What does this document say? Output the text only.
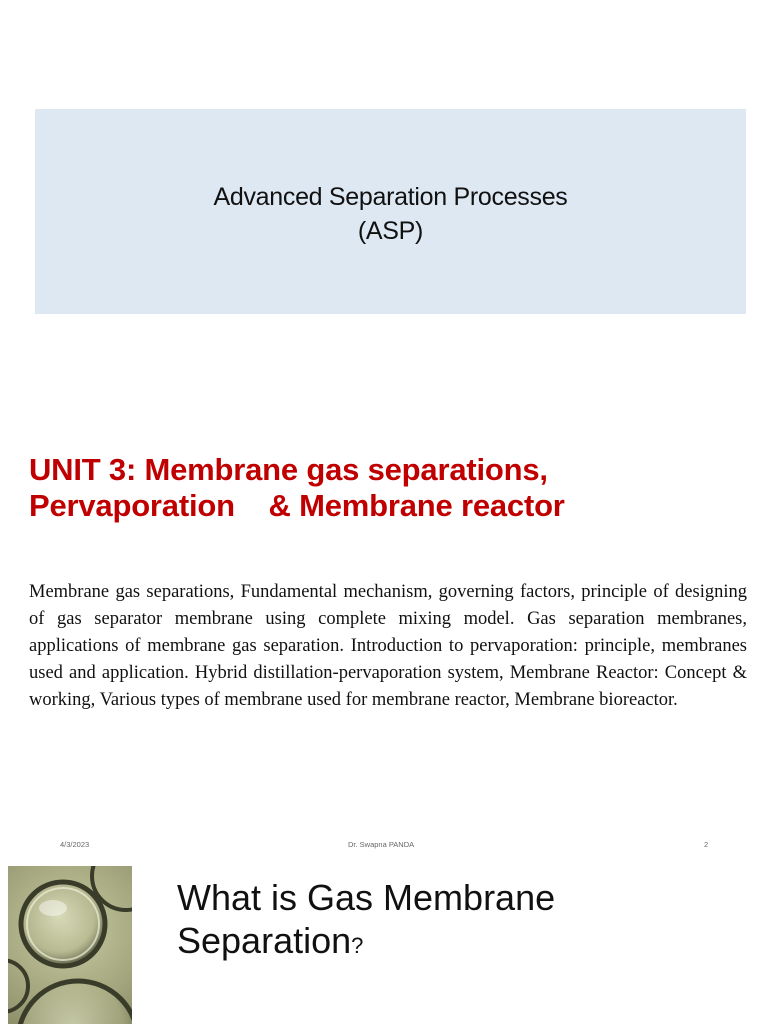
Advanced Separation Processes
(ASP)
UNIT 3: Membrane gas separations,
Pervaporation    & Membrane reactor

Membrane gas separations, Fundamental mechanism, governing factors, principle of designing of gas separator membrane using complete mixing model. Gas separation membranes, applications of membrane gas separation. Introduction to pervaporation: principle, membranes used and application. Hybrid distillation-pervaporation system, Membrane Reactor: Concept & working, Various types of membrane used for membrane reactor, Membrane bioreactor.

4/3/2023	Dr. Swapna PANDA	2
What is Gas Membrane
Separation?
